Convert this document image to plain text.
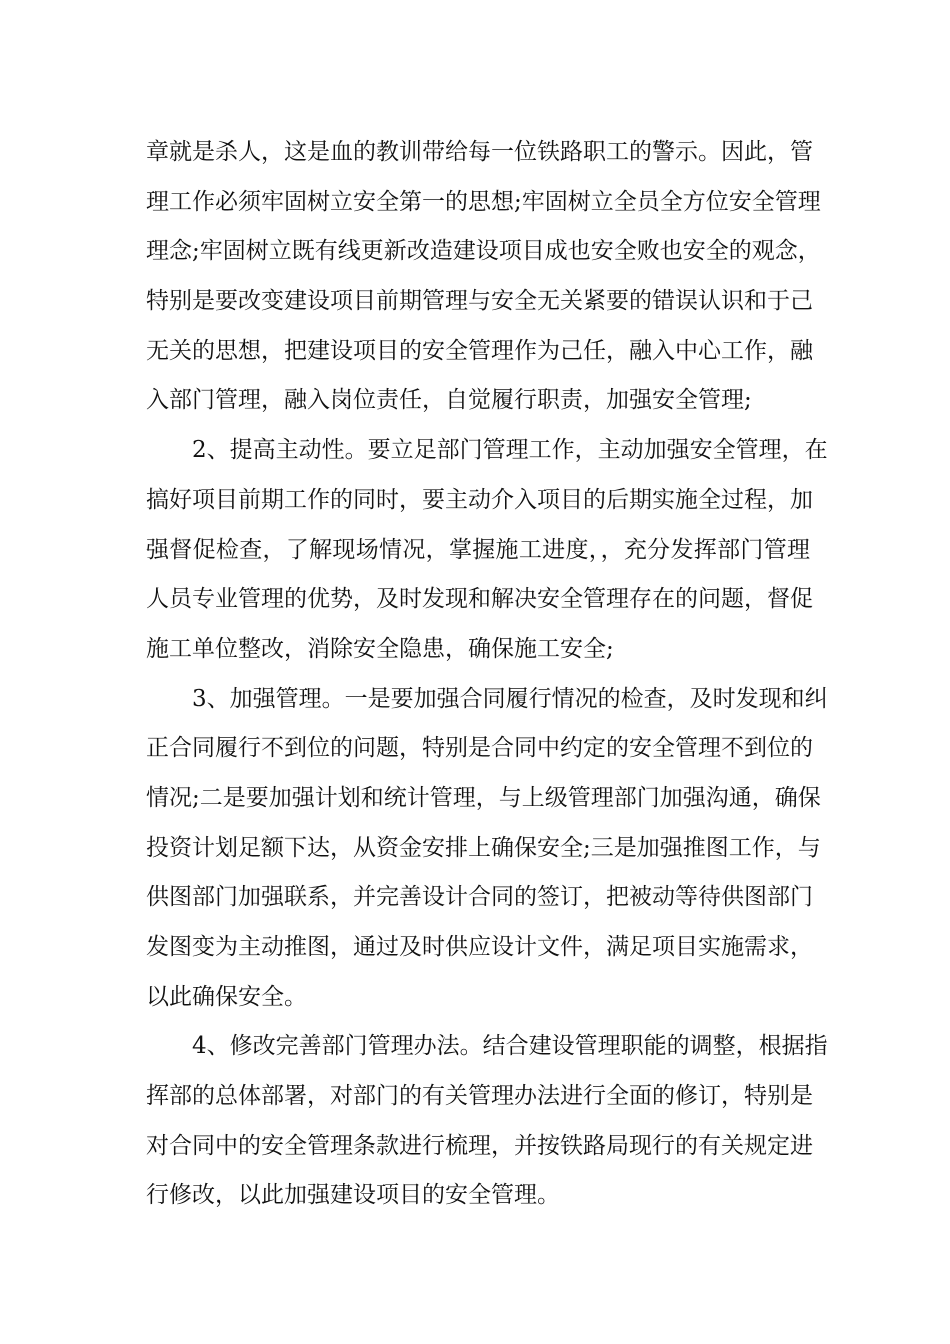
章就是杀人，这是血的教训带给每一位铁路职工的警示。因此，管
理工作必须牢固树立安全第一的思想;牢固树立全员全方位安全管理
理念;牢固树立既有线更新改造建设项目成也安全败也安全的观念，
特别是要改变建设项目前期管理与安全无关紧要的错误认识和于己
无关的思想，把建设项目的安全管理作为己任，融入中心工作，融
入部门管理，融入岗位责任，自觉履行职责，加强安全管理;

2、提高主动性。要立足部门管理工作，主动加强安全管理，在
搞好项目前期工作的同时，要主动介入项目的后期实施全过程，加
强督促检查，了解现场情况，掌握施工进度，，充分发挥部门管理
人员专业管理的优势，及时发现和解决安全管理存在的问题，督促
施工单位整改，消除安全隐患，确保施工安全;

3、加强管理。一是要加强合同履行情况的检查，及时发现和纠
正合同履行不到位的问题，特别是合同中约定的安全管理不到位的
情况;二是要加强计划和统计管理，与上级管理部门加强沟通，确保
投资计划足额下达，从资金安排上确保安全;三是加强推图工作，与
供图部门加强联系，并完善设计合同的签订，把被动等待供图部门
发图变为主动推图，通过及时供应设计文件，满足项目实施需求，
以此确保安全。

4、修改完善部门管理办法。结合建设管理职能的调整，根据指
挥部的总体部署，对部门的有关管理办法进行全面的修订，特别是
对合同中的安全管理条款进行梳理，并按铁路局现行的有关规定进
行修改，以此加强建设项目的安全管理。
